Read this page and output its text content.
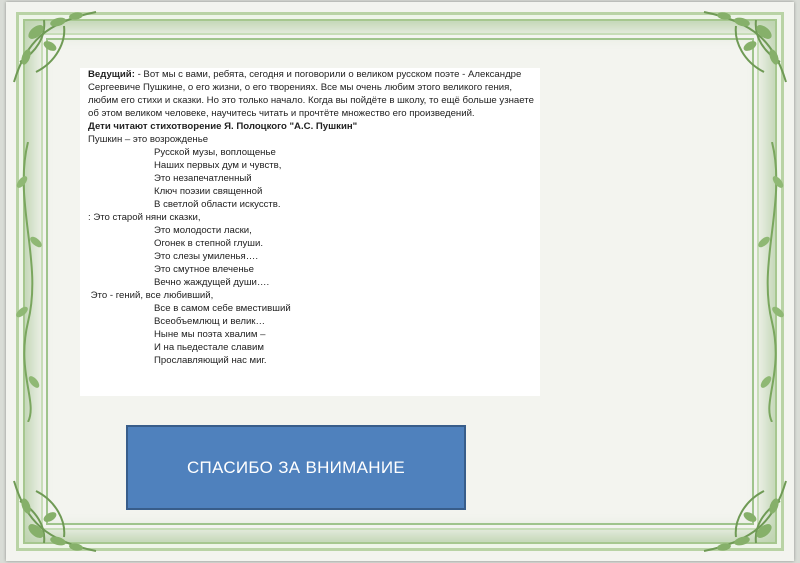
Ведущий: - Вот мы с вами, ребята, сегодня и поговорили о великом русском поэте - Александре Сергеевиче Пушкине, о его жизни, о его творениях. Все мы очень любим этого великого гения, любим его стихи и сказки. Но это только начало. Когда вы пойдёте в школу, то ещё больше узнаете об этом великом человеке, научитесь читать и прочтёте множество его произведений.

Дети читают стихотворение Я. Полоцкого "А.С. Пушкин"

Пушкин – это возрожденье

Русской музы, воплощенье

Наших первых дум и чувств,

Это незапечатленный

Ключ поэзии священной

В светлой области искусств.

: Это старой няни сказки,

Это молодости ласки,

Огонек в степной глуши.

Это слезы умиленья….

Это смутное влеченье

Вечно жаждущей души….

Это - гений, все любивший,

Все в самом себе вместивший

Всеобъемлющ и велик…

Ныне мы поэта хвалим –

И на пьедестале славим

Прославляющий нас миг.

СПАСИБО ЗА ВНИМАНИЕ
